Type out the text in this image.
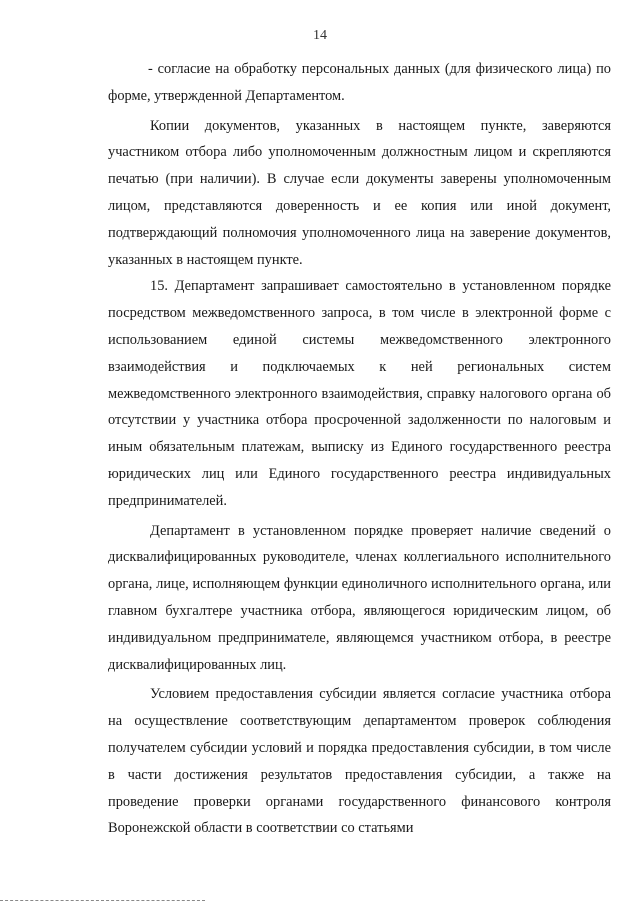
14

- согласие на обработку персональных данных (для физического лица) по форме, утвержденной Департаментом.

Копии документов, указанных в настоящем пункте, заверяются участником отбора либо уполномоченным должностным лицом и скрепляются печатью (при наличии). В случае если документы заверены уполномоченным лицом, представляются доверенность и ее копия или иной документ, подтверждающий полномочия уполномоченного лица на заверение документов, указанных в настоящем пункте.

15. Департамент запрашивает самостоятельно в установленном порядке посредством межведомственного запроса, в том числе в электронной форме с использованием единой системы межведомственного электронного взаимодействия и подключаемых к ней региональных систем межведомственного электронного взаимодействия, справку налогового органа об отсутствии у участника отбора просроченной задолженности по налоговым и иным обязательным платежам, выписку из Единого государственного реестра юридических лиц или Единого государственного реестра индивидуальных предпринимателей.

Департамент в установленном порядке проверяет наличие сведений о дисквалифицированных руководителе, членах коллегиального исполнительного органа, лице, исполняющем функции единоличного исполнительного органа, или главном бухгалтере участника отбора, являющегося юридическим лицом, об индивидуальном предпринимателе, являющемся участником отбора, в реестре дисквалифицированных лиц.

Условием предоставления субсидии является согласие участника отбора на осуществление соответствующим департаментом проверок соблюдения получателем субсидии условий и порядка предоставления субсидии, в том числе в части достижения результатов предоставления субсидии, а также на проведение проверки органами государственного финансового контроля Воронежской области в соответствии со статьями
